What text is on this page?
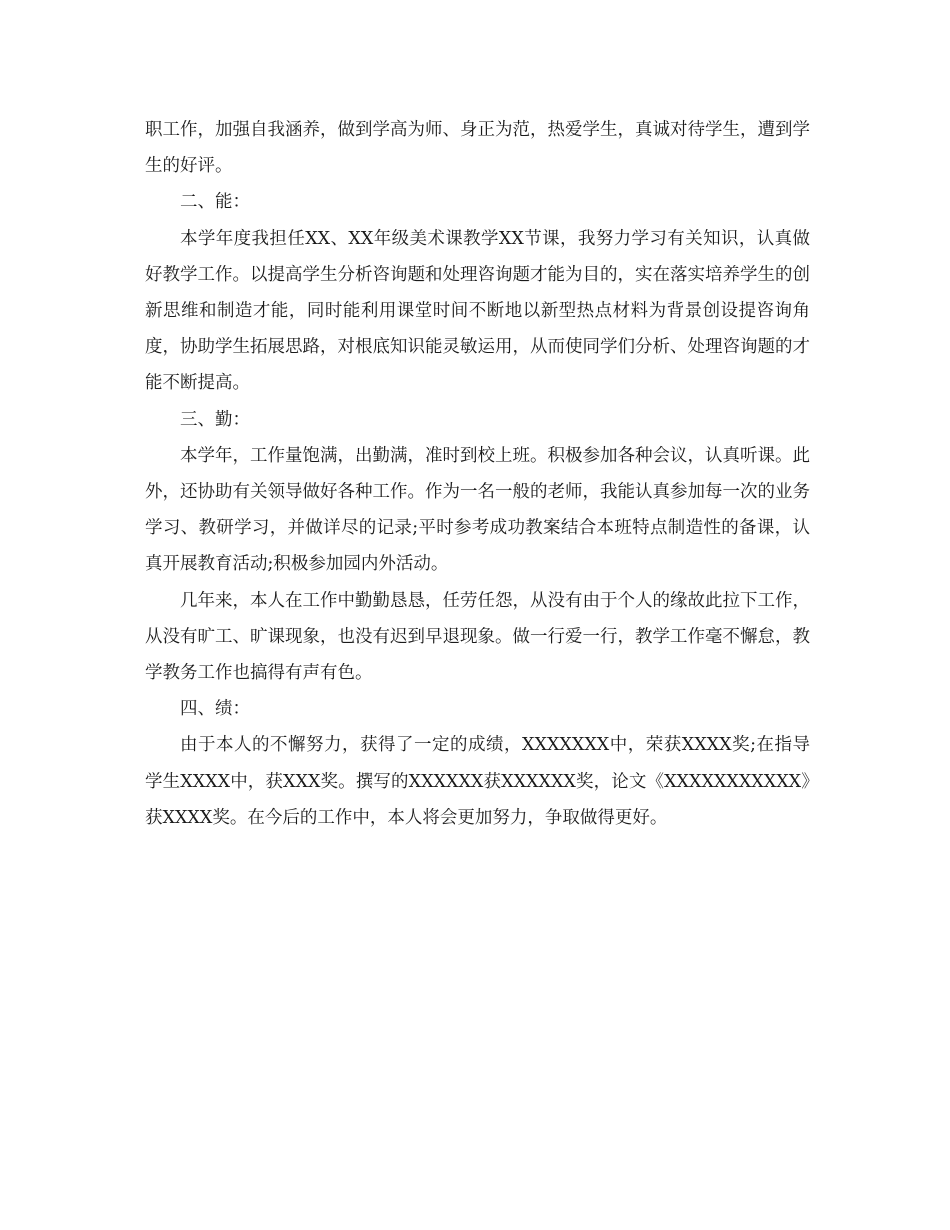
职工作，加强自我涵养，做到学高为师、身正为范，热爱学生，真诚对待学生，遭到学生的好评。

二、能：

本学年度我担任XX、XX年级美术课教学XX节课，我努力学习有关知识，认真做好教学工作。以提高学生分析咨询题和处理咨询题才能为目的，实在落实培养学生的创新思维和制造才能，同时能利用课堂时间不断地以新型热点材料为背景创设提咨询角度，协助学生拓展思路，对根底知识能灵敏运用，从而使同学们分析、处理咨询题的才能不断提高。

三、勤：

本学年，工作量饱满，出勤满，准时到校上班。积极参加各种会议，认真听课。此外，还协助有关领导做好各种工作。作为一名一般的老师，我能认真参加每一次的业务学习、教研学习，并做详尽的记录;平时参考成功教案结合本班特点制造性的备课，认真开展教育活动;积极参加园内外活动。

几年来，本人在工作中勤勤恳恳，任劳任怨，从没有由于个人的缘故此拉下工作，从没有旷工、旷课现象，也没有迟到早退现象。做一行爱一行，教学工作毫不懈怠，教学教务工作也搞得有声有色。

四、绩：

由于本人的不懈努力，获得了一定的成绩，XXXXXXX中，荣获XXXX奖;在指导学生XXXX中，获XXX奖。撰写的XXXXXX获XXXXXX奖，论文《XXXXXXXXXXX》获XXXX奖。在今后的工作中，本人将会更加努力，争取做得更好。
